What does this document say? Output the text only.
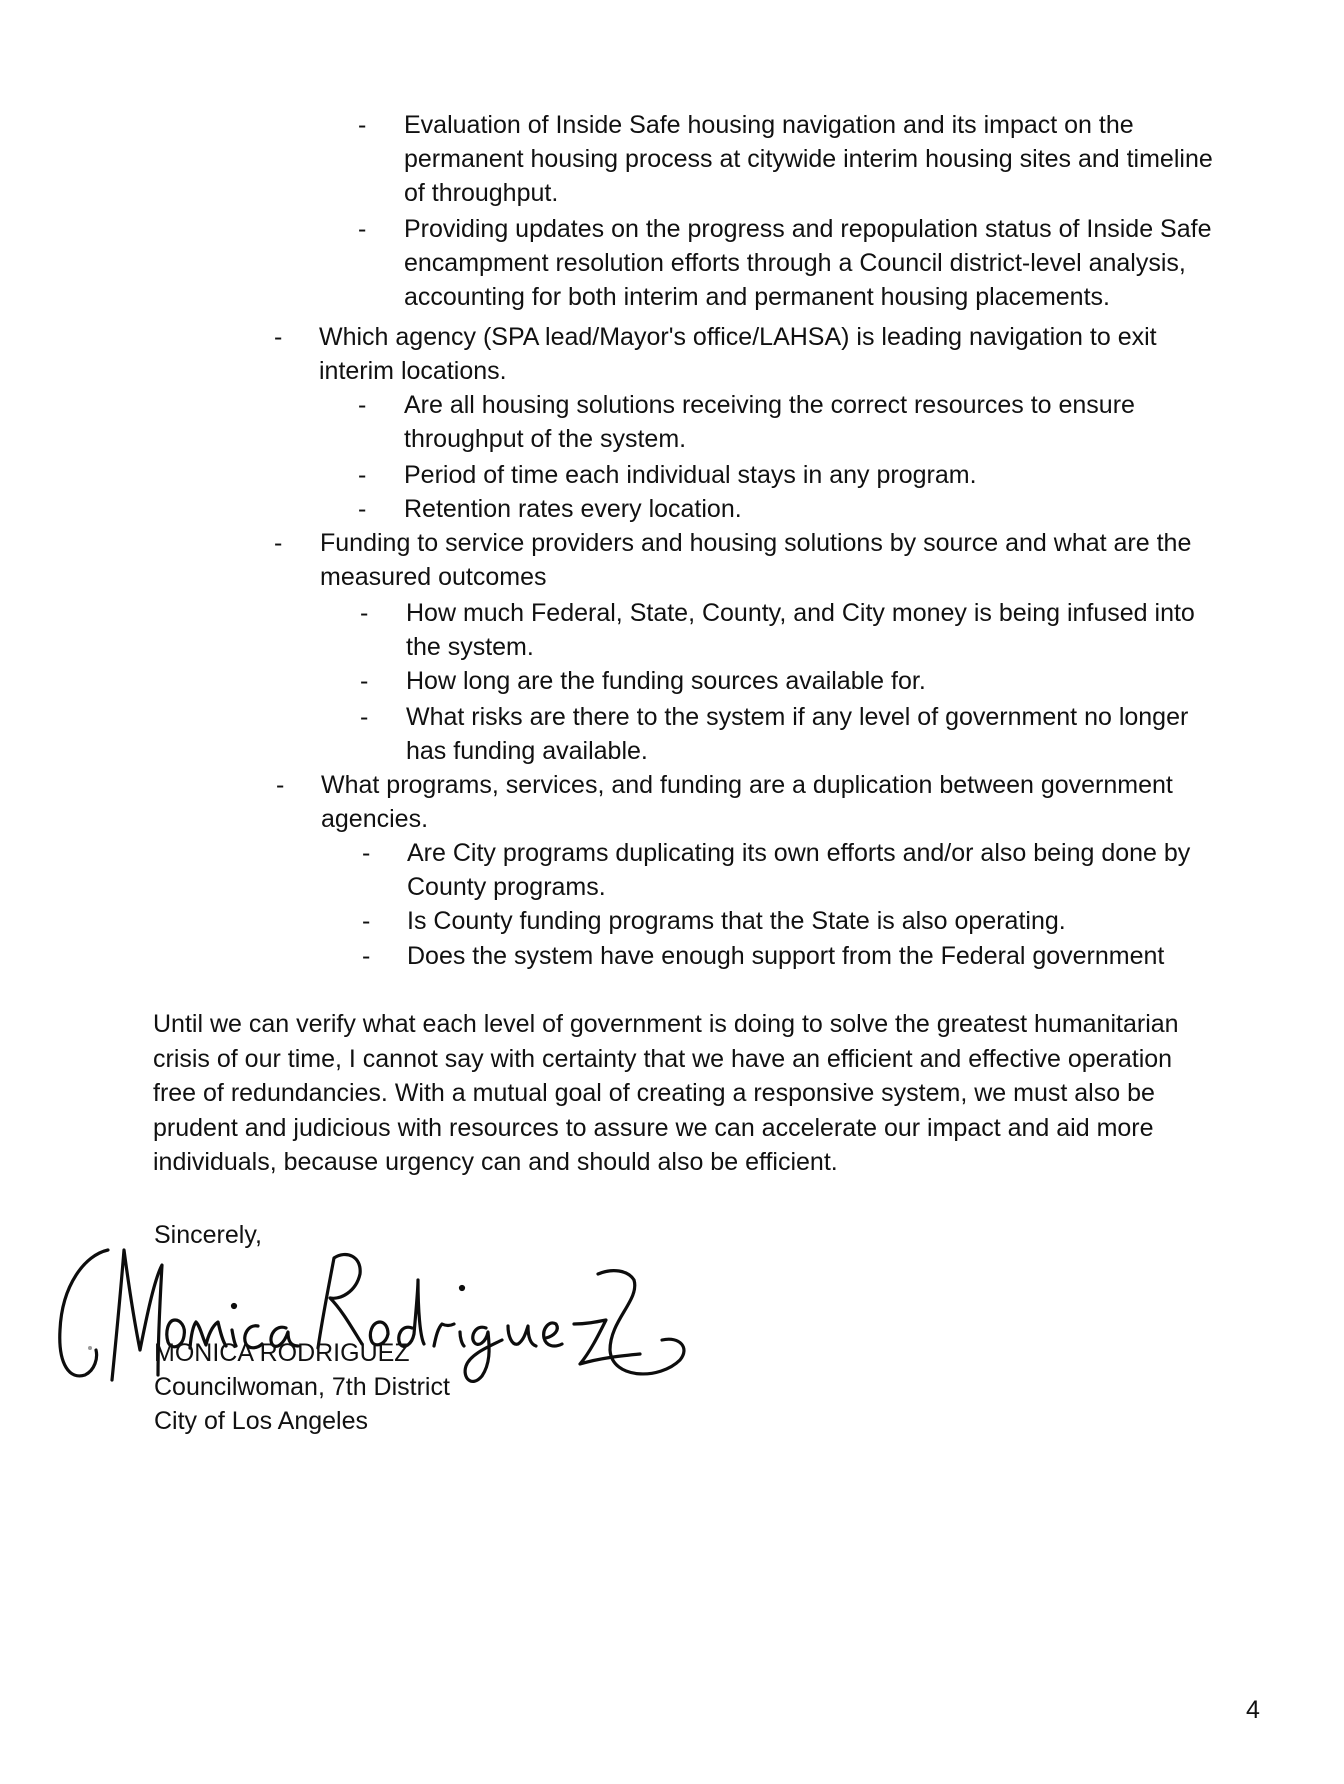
- Evaluation of Inside Safe housing navigation and its impact on the
permanent housing process at citywide interim housing sites and timeline
of throughput.
- Providing updates on the progress and repopulation status of Inside Safe
encampment resolution efforts through a Council district-level analysis,
accounting for both interim and permanent housing placements.
- Which agency (SPA lead/Mayor's office/LAHSA) is leading navigation to exit
interim locations.
- Are all housing solutions receiving the correct resources to ensure
throughput of the system.
- Period of time each individual stays in any program.
- Retention rates every location.
- Funding to service providers and housing solutions by source and what are the
measured outcomes
- How much Federal, State, County, and City money is being infused into
the system.
- How long are the funding sources available for.
- What risks are there to the system if any level of government no longer
has funding available.
- What programs, services, and funding are a duplication between government
agencies.
- Are City programs duplicating its own efforts and/or also being done by
County programs.
- Is County funding programs that the State is also operating.
- Does the system have enough support from the Federal government
Until we can verify what each level of government is doing to solve the greatest humanitarian
crisis of our time, I cannot say with certainty that we have an efficient and effective operation
free of redundancies. With a mutual goal of creating a responsive system, we must also be
prudent and judicious with resources to assure we can accelerate our impact and aid more
individuals, because urgency can and should also be efficient.
Sincerely,
MONICA RODRIGUEZ
Councilwoman, 7th District
City of Los Angeles
4
